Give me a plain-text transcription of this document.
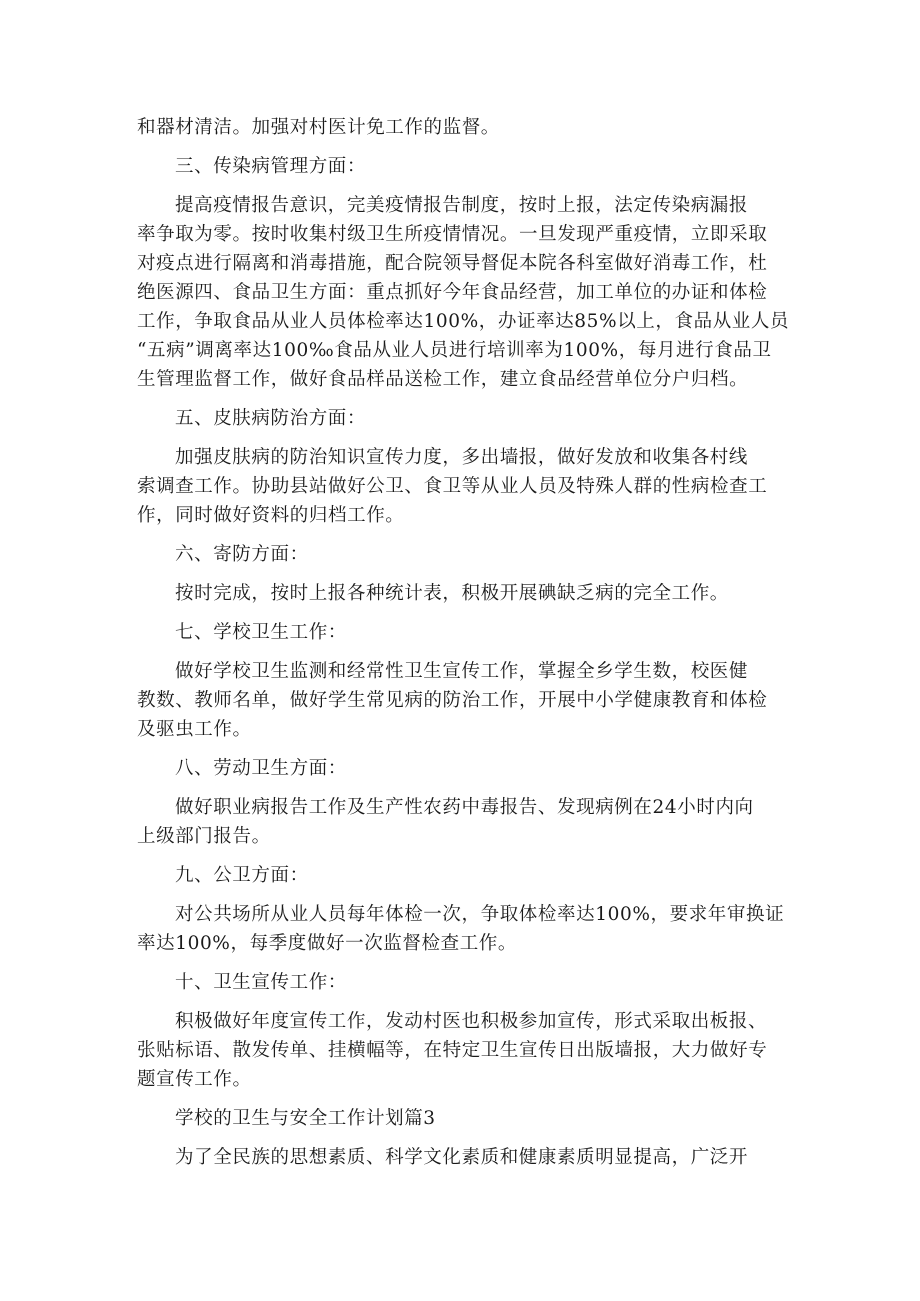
和器材清洁。加强对村医计免工作的监督。

三、传染病管理方面：

提高疫情报告意识，完美疫情报告制度，按时上报，法定传染病漏报
率争取为零。按时收集村级卫生所疫情情况。一旦发现严重疫情，立即采取
对疫点进行隔离和消毒措施，配合院领导督促本院各科室做好消毒工作，杜
绝医源四、食品卫生方面：重点抓好今年食品经营，加工单位的办证和体检
工作，争取食品从业人员体检率达100%，办证率达85%以上，食品从业人员
“五病”调离率达100‰食品从业人员进行培训率为100%，每月进行食品卫
生管理监督工作，做好食品样品送检工作，建立食品经营单位分户归档。

五、皮肤病防治方面：

加强皮肤病的防治知识宣传力度，多出墙报，做好发放和收集各村线
索调查工作。协助县站做好公卫、食卫等从业人员及特殊人群的性病检查工
作，同时做好资料的归档工作。

六、寄防方面：

按时完成，按时上报各种统计表，积极开展碘缺乏病的完全工作。

七、学校卫生工作：

做好学校卫生监测和经常性卫生宣传工作，掌握全乡学生数，校医健
教数、教师名单，做好学生常见病的防治工作，开展中小学健康教育和体检
及驱虫工作。

八、劳动卫生方面：

做好职业病报告工作及生产性农药中毒报告、发现病例在24小时内向
上级部门报告。

九、公卫方面：

对公共场所从业人员每年体检一次，争取体检率达100%，要求年审换证
率达100%，每季度做好一次监督检查工作。

十、卫生宣传工作：

积极做好年度宣传工作，发动村医也积极参加宣传，形式采取出板报、
张贴标语、散发传单、挂横幅等，在特定卫生宣传日出版墙报，大力做好专
题宣传工作。

学校的卫生与安全工作计划篇3

为了全民族的思想素质、科学文化素质和健康素质明显提高，广泛开
